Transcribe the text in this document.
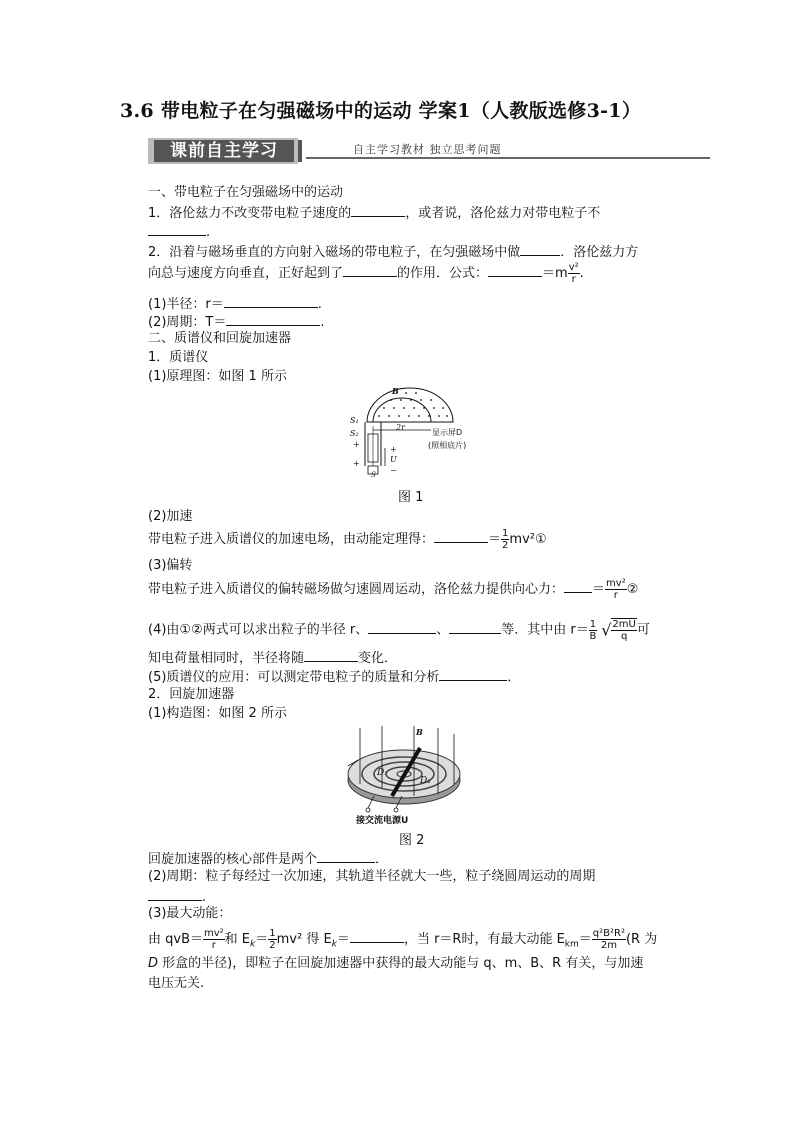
3.6 带电粒子在匀强磁场中的运动 学案1（人教版选修3-1）
课前自主学习	自主学习教材 独立思考问题
一、带电粒子在匀强磁场中的运动
1．洛伦兹力不改变带电粒子速度的	，或者说，洛伦兹力对带电粒子不
.
2．沿着与磁场垂直的方向射入磁场的带电粒子，在匀强磁场中做	．洛伦兹力方
向总与速度方向垂直，正好起到了	的作用．公式：	$=m \frac{\text{v²}}{r}$ .
(1)半径：r＝	.
(2)周期：T＝	.
二、质谱仪和回旋加速器
1．质谱仪
(1)原理图：如图 1 所示
B
S₁
S₂
S
2r
显示屏D
(照相底片)
U
+
+
+
−
图 1
(2)加速
带电粒子进入质谱仪的加速电场，由动能定理得：	＝ $\frac{1}{2}$ mv²①
(3)偏转
带电粒子进入质谱仪的偏转磁场做匀速圆周运动，洛伦兹力提供向心力： ＝ $\frac{\text{mv²}}{r}$ ②
(4)由①②两式可以求出粒子的半径 r、	、	等．其中由 $r= \frac{1}{B}$ √ $\frac{2mU}{q}$ 可
知电荷量相同时，半径将随	变化．
(5)质谱仪的应用：可以测定带电粒子的质量和分析	．
2．回旋加速器
(1)构造图：如图 2 所示
B
D₁
D₂
接交流电源U
图 2
回旋加速器的核心部件是两个	．
(2)周期：粒子每经过一次加速，其轨道半径就大一些，粒子绕圆周运动的周期
.
(3)最大动能：
由 $qvB= \frac{\text{mv²}}{r}$ 和 $E_k= \frac{1}{2} mv^2$ 得 $E_k=$	，当 r＝R时，有最大动能 $E_{km}= \frac{\text{q²B²R²}}{2m} (R$ 为
D 形盒的半径)，即粒子在回旋加速器中获得的最大动能与 q、m、B、R 有关，与加速
电压无关.
